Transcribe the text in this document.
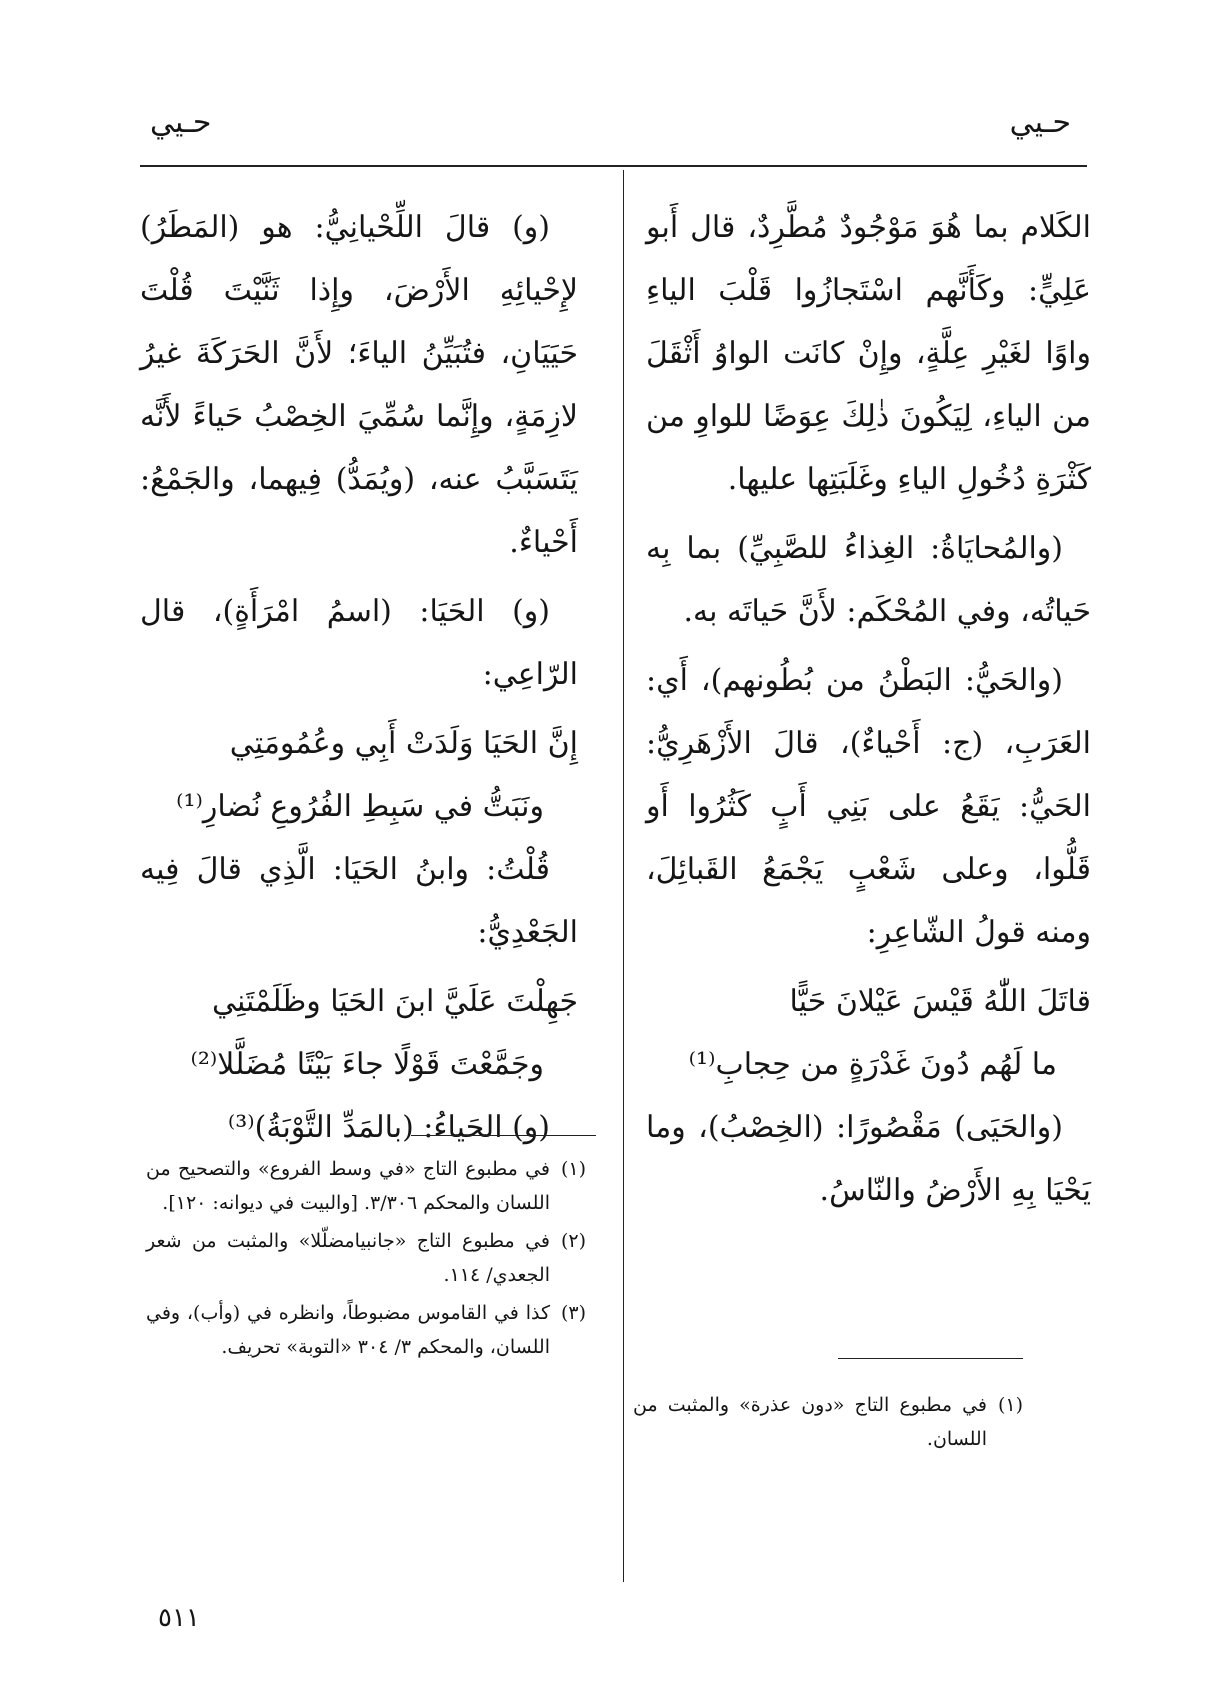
حـيي
حـيي

الكَلام بما هُوَ مَوْجُودٌ مُطَّرِدٌ، قال أَبو عَلِيٍّ: وكَأَنَّهم اسْتَجازُوا قَلْبَ الياءِ واوًا لغَيْرِ عِلَّةٍ، وإِنْ كانَت الواوُ أَثْقَلَ من الياءِ، لِيَكُونَ ذٰلِكَ عِوَضًا للواوِ من كَثْرَةِ دُخُولِ الياءِ وغَلَبَتِها عليها.

(والمُحايَاةُ: الغِذاءُ للصَّبِيِّ) بما بِه حَياتُه، وفي المُحْكَم: لأَنَّ حَياتَه به.

(والحَيُّ: البَطْنُ من بُطُونهم)، أَي: العَرَبِ، (ج: أَحْياءٌ)، قالَ الأَزْهَرِيُّ: الحَيُّ: يَقَعُ على بَنِي أَبٍ كَثُرُوا أَو قَلُّوا، وعلى شَعْبٍ يَجْمَعُ القَبائِلَ، ومنه قولُ الشّاعِرِ:

قاتَلَ اللّٰهُ قَيْسَ عَيْلانَ حَيًّا

ما لَهُم دُونَ غَدْرَةٍ من حِجابِ⁽¹⁾

(والحَيَى) مَقْصُورًا: (الخِصْبُ)، وما يَحْيَا بِهِ الأَرْضُ والنّاسُ.

(١)
في مطبوع التاج «دون عذرة» والمثبت من اللسان.

(و) قالَ اللِّحْيانِيُّ: هو (المَطَرُ) لإِحْيائِهِ الأَرْضَ، وإِذا ثَنَّيْتَ قُلْتَ حَيَيَانِ، فتُبَيِّنُ الياءَ؛ لأَنَّ الحَرَكَةَ غيرُ لازِمَةٍ، وإِنَّما سُمِّيَ الخِصْبُ حَياءً لأَنَّه يَتَسَبَّبُ عنه، (ويُمَدُّ) فِيهما، والجَمْعُ: أَحْياءٌ.

(و) الحَيَا: (اسمُ امْرَأَةٍ)، قال الرّاعِي:

إِنَّ الحَيَا وَلَدَتْ أَبِي وعُمُومَتِي

ونَبَتُّ في سَبِطِ الفُرُوعِ نُضارِ⁽¹⁾

قُلْتُ: وابنُ الحَيَا: الَّذِي قالَ فِيه الجَعْدِيُّ:

جَهِلْتَ عَلَيَّ ابنَ الحَيَا وظَلَمْتَنِي

وجَمَّعْتَ قَوْلًا جاءَ بَيْتًا مُضَلَّلا⁽²⁾

(و) الحَياءُ: (بالمَدِّ التَّوْبَةُ)⁽³⁾

(١)
في مطبوع التاج «في وسط الفروع» والتصحيح من اللسان والمحكم ٣/٣٠٦. [والبيت في ديوانه: ١٢٠].

(٢)
في مطبوع التاج «جانبيامضلّلا» والمثبت من شعر الجعدي/ ١١٤.

(٣)
كذا في القاموس مضبوطاً، وانظره في (وأب)، وفي اللسان، والمحكم ٣/ ٣٠٤ «التوبة» تحريف.

٥١١
